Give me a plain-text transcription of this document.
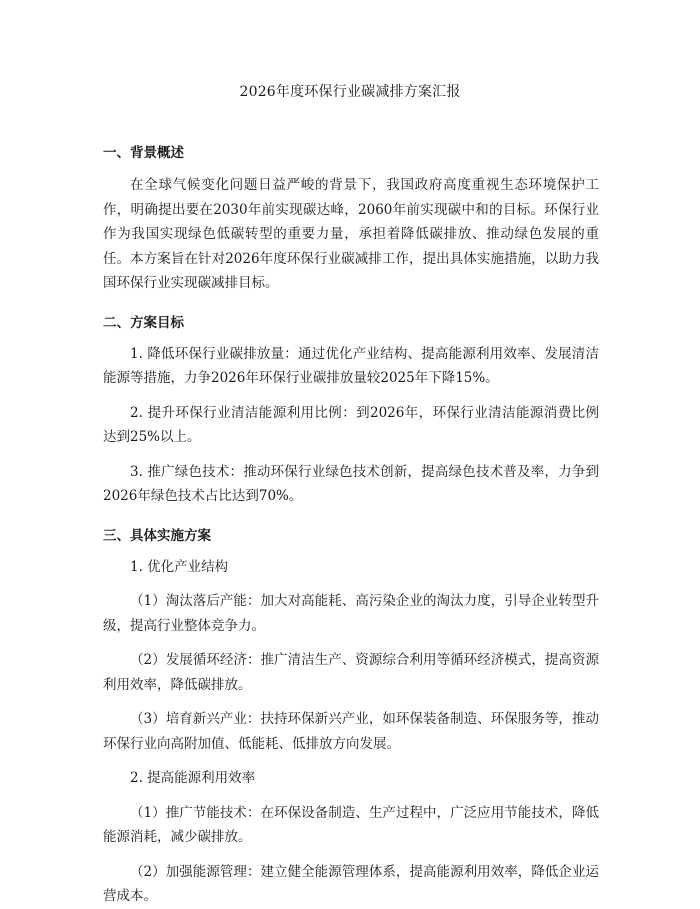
2026年度环保行业碳减排方案汇报
一、背景概述

在全球气候变化问题日益严峻的背景下，我国政府高度重视生态环境保护工作，明确提出要在2030年前实现碳达峰，2060年前实现碳中和的目标。环保行业作为我国实现绿色低碳转型的重要力量，承担着降低碳排放、推动绿色发展的重任。本方案旨在针对2026年度环保行业碳减排工作，提出具体实施措施，以助力我国环保行业实现碳减排目标。

二、方案目标

1. 降低环保行业碳排放量：通过优化产业结构、提高能源利用效率、发展清洁能源等措施，力争2026年环保行业碳排放量较2025年下降15%。

2. 提升环保行业清洁能源利用比例：到2026年，环保行业清洁能源消费比例达到25%以上。

3. 推广绿色技术：推动环保行业绿色技术创新，提高绿色技术普及率，力争到2026年绿色技术占比达到70%。

三、具体实施方案

1. 优化产业结构

（1）淘汰落后产能：加大对高能耗、高污染企业的淘汰力度，引导企业转型升级，提高行业整体竞争力。

（2）发展循环经济：推广清洁生产、资源综合利用等循环经济模式，提高资源利用效率，降低碳排放。

（3）培育新兴产业：扶持环保新兴产业，如环保装备制造、环保服务等，推动环保行业向高附加值、低能耗、低排放方向发展。

2. 提高能源利用效率

（1）推广节能技术：在环保设备制造、生产过程中，广泛应用节能技术，降低能源消耗，减少碳排放。

（2）加强能源管理：建立健全能源管理体系，提高能源利用效率，降低企业运营成本。
